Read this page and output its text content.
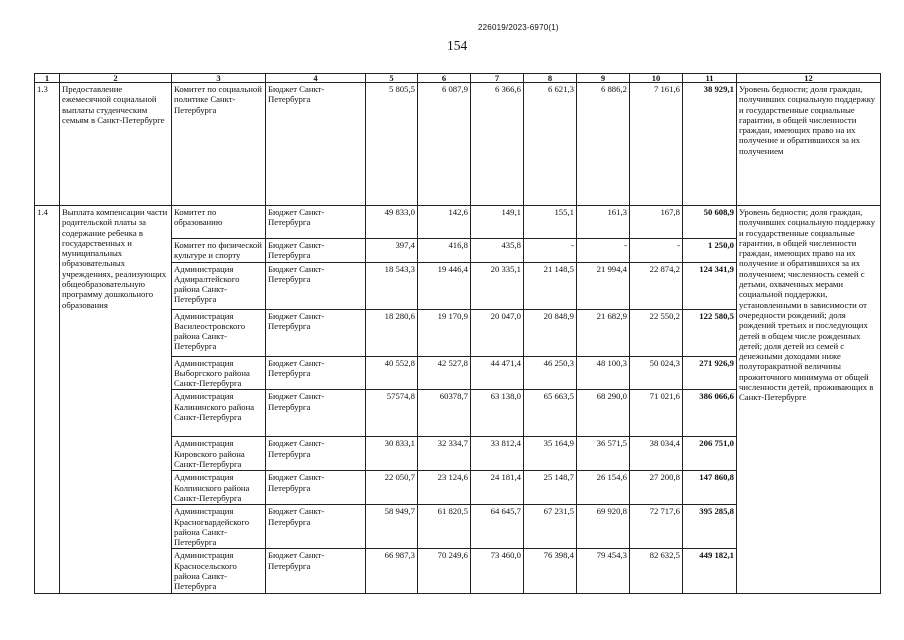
226019/2023-6970(1)
154
1	2	3	4	5	6	7	8	9	10	11	12
1.3	Предоставление ежемесячной социальной выплаты студенческим семьям в Санкт-Петербурге	Комитет по социальной политике Санкт-Петербурга	Бюджет Санкт-Петербурга	5 805,5	6 087,9	6 366,6	6 621,3	6 886,2	7 161,6	38 929,1	Уровень бедности; доля граждан, получивших социальную поддержку и государственные социальные гарантии, в общей численности граждан, имеющих право на их получение и обратившихся за их получением
1.4	Выплата компенсации части родительской платы за содержание ребенка в государственных и муниципальных образовательных учреждениях, реализующих общеобразовательную программу дошкольного образования	Комитет по образованию	Бюджет Санкт-Петербурга	49 833,0	142,6	149,1	155,1	161,3	167,8	50 608,9	Уровень бедности; доля граждан, получивших социальную поддержку и государственные социальные гарантии, в общей численности граждан, имеющих право на их получение и обратившихся за их получением; численность семей с детьми, охваченных мерами социальной поддержки, установленными в зависимости от очередности рождений; доля рождений третьих и последующих детей в общем числе рожденных детей; доля детей из семей с денежными доходами ниже полуторакратной величины прожиточного минимума от общей численности детей, проживающих в Санкт-Петербурге
		Комитет по физической культуре и спорту	Бюджет Санкт-Петербурга	397,4	416,8	435,8	-	-	-	1 250,0	
		Администрация Адмиралтейского района Санкт-Петербурга	Бюджет Санкт-Петербурга	18 543,3	19 446,4	20 335,1	21 148,5	21 994,4	22 874,2	124 341,9	
		Администрация Василеостровского района Санкт-Петербурга	Бюджет Санкт-Петербурга	18 280,6	19 170,9	20 047,0	20 848,9	21 682,9	22 550,2	122 580,5	
		Администрация Выборгского района Санкт-Петербурга	Бюджет Санкт-Петербурга	40 552,8	42 527,8	44 471,4	46 250,3	48 100,3	50 024,3	271 926,9	
		Администрация Калининского района Санкт-Петербурга	Бюджет Санкт-Петербурга	57574,8	60378,7	63 138,0	65 663,5	68 290,0	71 021,6	386 066,6	
		Администрация Кировского района Санкт-Петербурга	Бюджет Санкт-Петербурга	30 833,1	32 334,7	33 812,4	35 164,9	36 571,5	38 034,4	206 751,0	
		Администрация Колпинского района Санкт-Петербурга	Бюджет Санкт-Петербурга	22 050,7	23 124,6	24 181,4	25 148,7	26 154,6	27 200,8	147 860,8	
		Администрация Красногвардейского района Санкт-Петербурга	Бюджет Санкт-Петербурга	58 949,7	61 820,5	64 645,7	67 231,5	69 920,8	72 717,6	395 285,8	
		Администрация Красносельского района Санкт-Петербурга	Бюджет Санкт-Петербурга	66 987,3	70 249,6	73 460,0	76 398,4	79 454,3	82 632,5	449 182,1	
